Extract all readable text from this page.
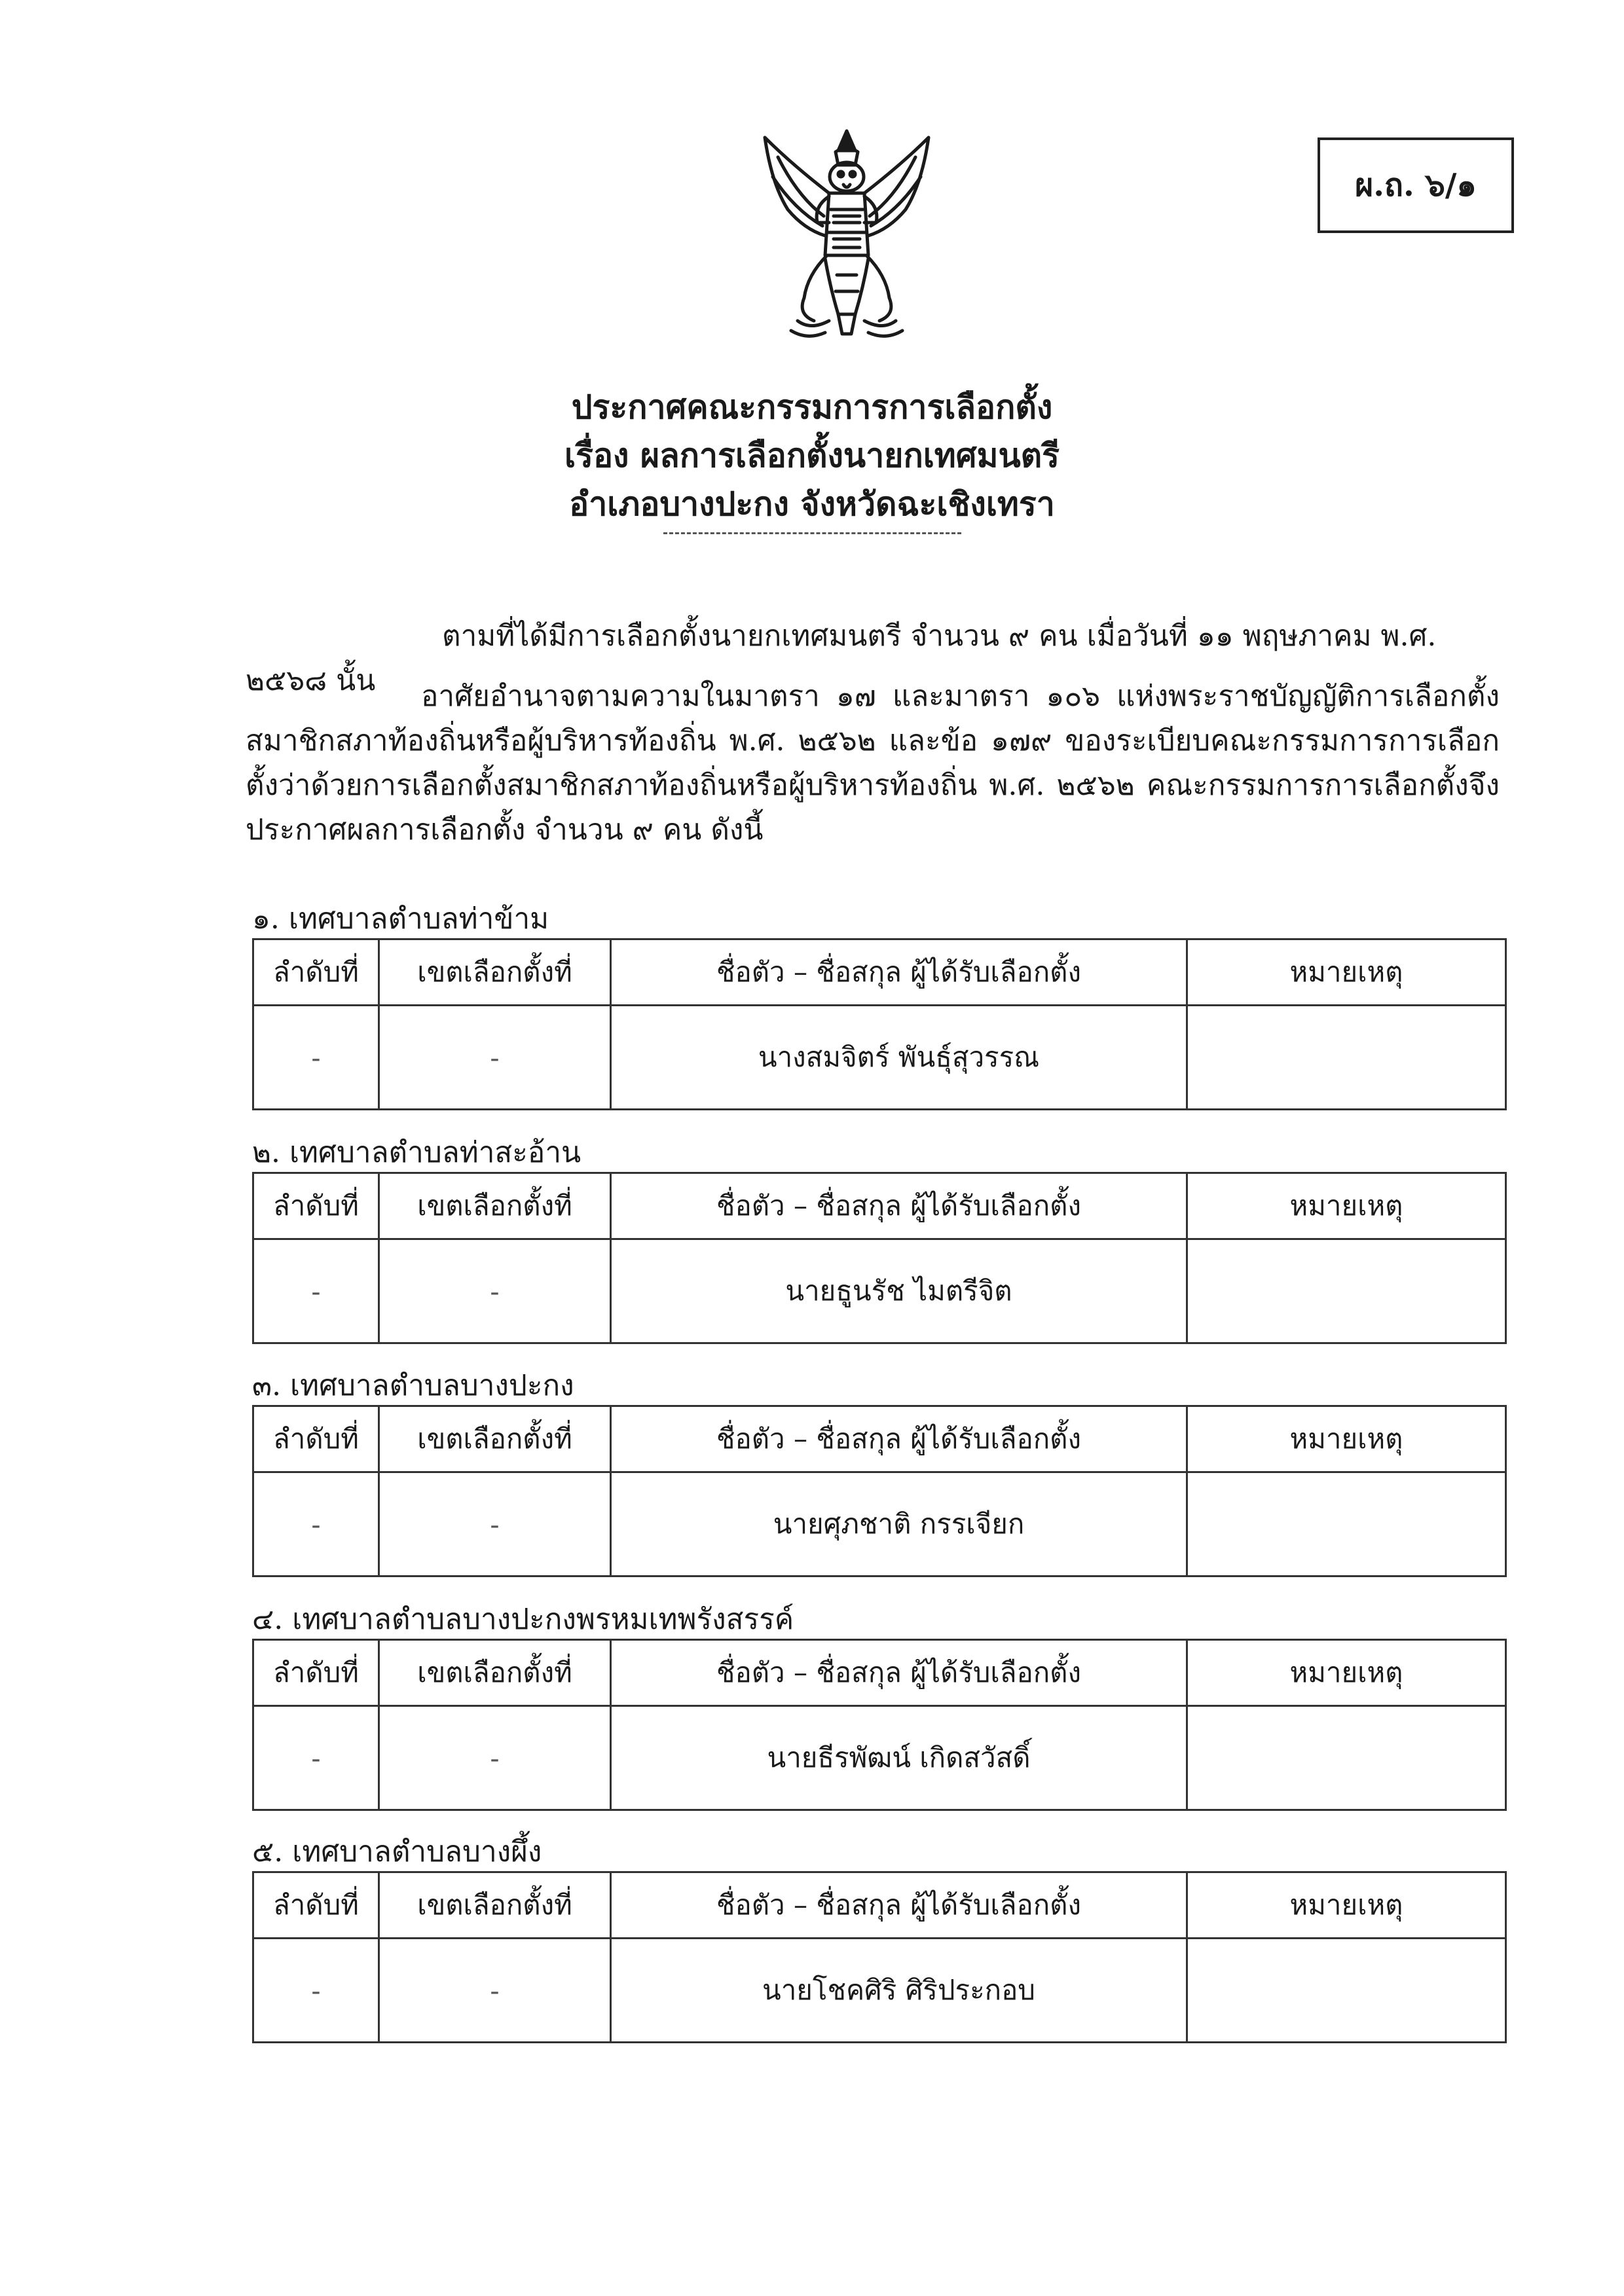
ผ.ถ. ๖/๑
ประกาศคณะกรรมการการเลือกตั้ง
เรื่อง ผลการเลือกตั้งนายกเทศมนตรี
อำเภอบางปะกง จังหวัดฉะเชิงเทรา
ตามที่ได้มีการเลือกตั้งนายกเทศมนตรี จำนวน ๙ คน เมื่อวันที่ ๑๑ พฤษภาคม พ.ศ. ๒๕๖๘ นั้น	อาศัยอำนาจตามความในมาตรา ๑๗ และมาตรา ๑๐๖ แห่งพระราชบัญญัติการเลือกตั้งสมาชิกสภาท้องถิ่นหรือผู้บริหารท้องถิ่น พ.ศ. ๒๕๖๒ และข้อ ๑๗๙ ของระเบียบคณะกรรมการการเลือกตั้งว่าด้วยการเลือกตั้งสมาชิกสภาท้องถิ่นหรือผู้บริหารท้องถิ่น พ.ศ. ๒๕๖๒ คณะกรรมการการเลือกตั้งจึงประกาศผลการเลือกตั้ง จำนวน ๙ คน ดังนี้
๑. เทศบาลตำบลท่าข้าม
ลำดับที่	เขตเลือกตั้งที่	ชื่อตัว – ชื่อสกุล ผู้ได้รับเลือกตั้ง	หมายเหตุ
-	-	นางสมจิตร์ พันธุ์สุวรรณ	
๒. เทศบาลตำบลท่าสะอ้าน
ลำดับที่	เขตเลือกตั้งที่	ชื่อตัว – ชื่อสกุล ผู้ได้รับเลือกตั้ง	หมายเหตุ
-	-	นายธูนรัช ไมตรีจิต	
๓. เทศบาลตำบลบางปะกง
ลำดับที่	เขตเลือกตั้งที่	ชื่อตัว – ชื่อสกุล ผู้ได้รับเลือกตั้ง	หมายเหตุ
-	-	นายศุภชาติ กรรเจียก	
๔. เทศบาลตำบลบางปะกงพรหมเทพรังสรรค์
ลำดับที่	เขตเลือกตั้งที่	ชื่อตัว – ชื่อสกุล ผู้ได้รับเลือกตั้ง	หมายเหตุ
-	-	นายธีรพัฒน์ เกิดสวัสดิ์	
๕. เทศบาลตำบลบางผึ้ง
ลำดับที่	เขตเลือกตั้งที่	ชื่อตัว – ชื่อสกุล ผู้ได้รับเลือกตั้ง	หมายเหตุ
-	-	นายโชคศิริ ศิริประกอบ	
